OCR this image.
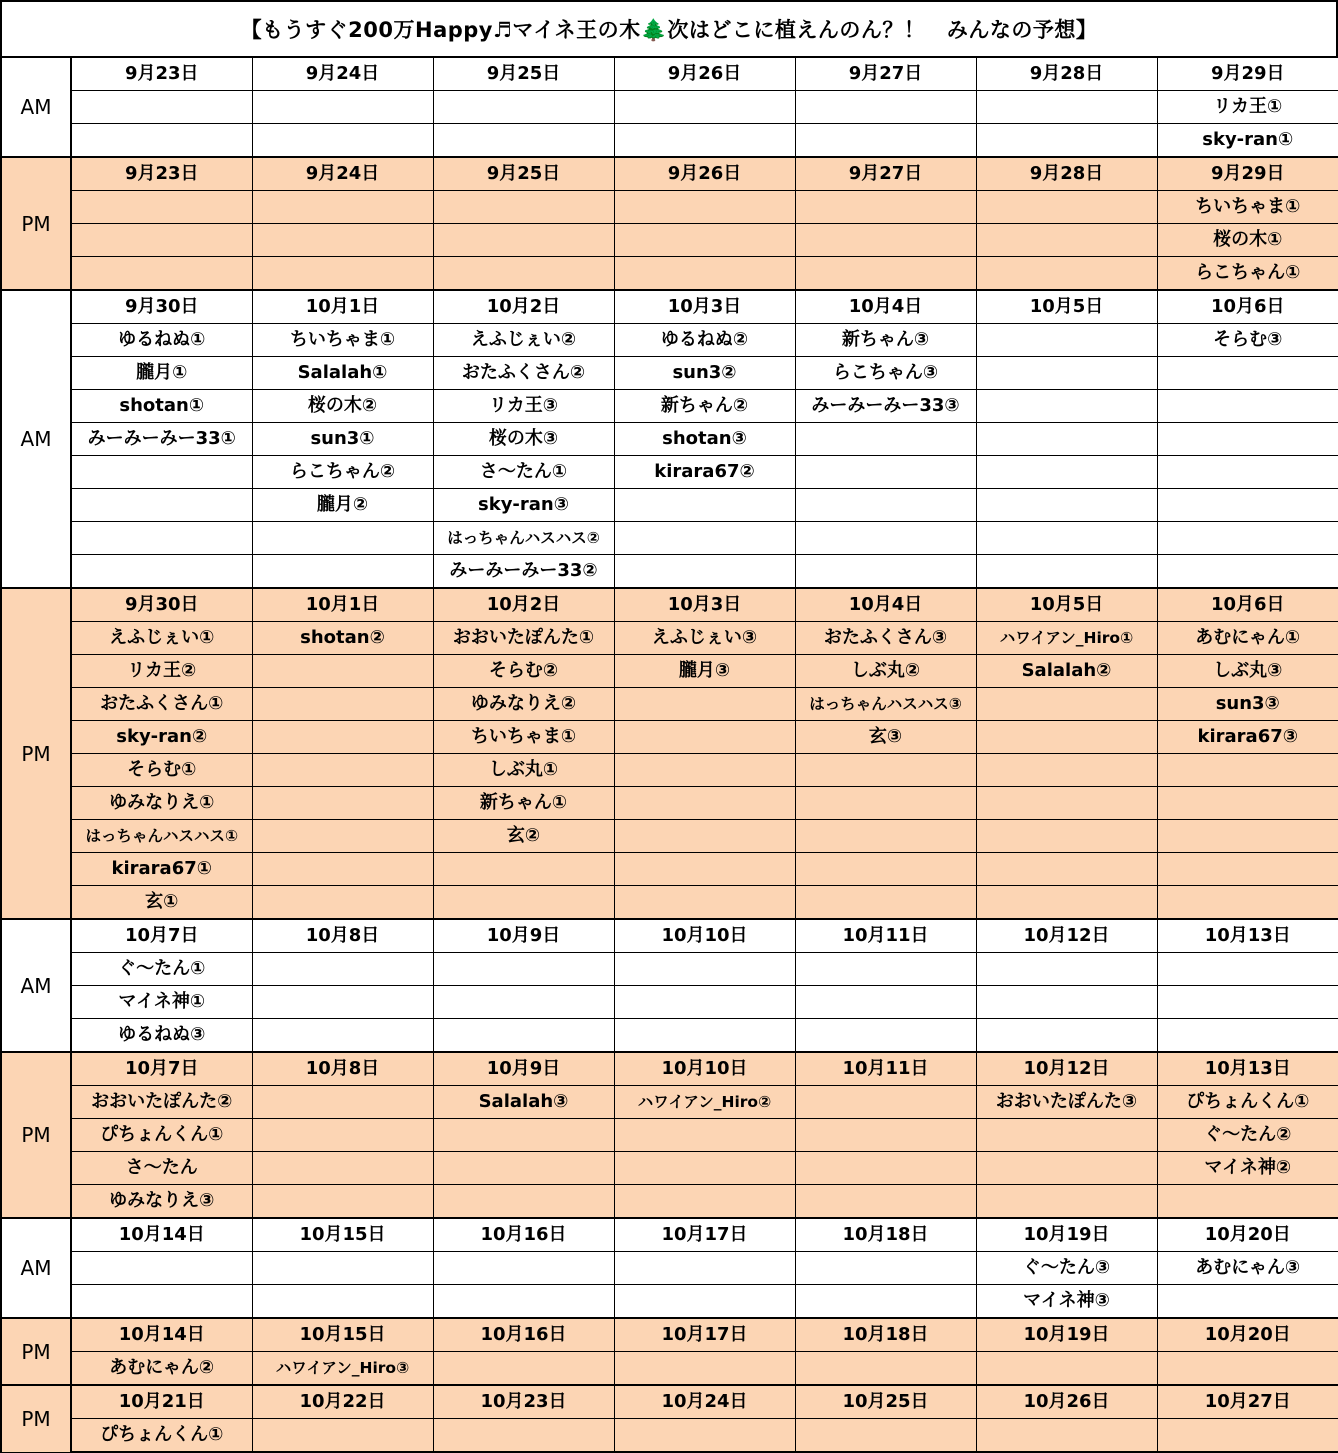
【もうすぐ200万Happy♬マイネ王の木🌲次はどこに植えんのん？！　みんなの予想】
AM	9月23日	9月24日	9月25日	9月26日	9月27日	9月28日	9月29日
							リカ王①
							sky-ran①
PM	9月23日	9月24日	9月25日	9月26日	9月27日	9月28日	9月29日
							ちいちゃま①
							桜の木①
							らこちゃん①
AM	9月30日	10月1日	10月2日	10月3日	10月4日	10月5日	10月6日
	ゆるねぬ①	ちいちゃま①	えふじぇい②	ゆるねぬ②	新ちゃん③		そらむ③
	朧月①	Salalah①	おたふくさん②	sun3②	らこちゃん③		
	shotan①	桜の木②	リカ王③	新ちゃん②	みーみーみー33③		
	みーみーみー33①	sun3①	桜の木③	shotan③			
		らこちゃん②	さ～たん①	kirara67②			
		朧月②	sky-ran③				
			はっちゃんハスハス②				
			みーみーみー33②				
PM	9月30日	10月1日	10月2日	10月3日	10月4日	10月5日	10月6日
	えふじぇい①	shotan②	おおいたぽんた①	えふじぇい③	おたふくさん③	ハワイアン_Hiro①	あむにゃん①
	リカ王②		そらむ②	朧月③	しぶ丸②	Salalah②	しぶ丸③
	おたふくさん①		ゆみなりえ②		はっちゃんハスハス③		sun3③
	sky-ran②		ちいちゃま①		玄③		kirara67③
	そらむ①		しぶ丸①				
	ゆみなりえ①		新ちゃん①				
	はっちゃんハスハス①		玄②				
	kirara67①						
	玄①						
AM	10月7日	10月8日	10月9日	10月10日	10月11日	10月12日	10月13日
	ぐ～たん①						
	マイネ神①						
	ゆるねぬ③						
PM	10月7日	10月8日	10月9日	10月10日	10月11日	10月12日	10月13日
	おおいたぽんた②		Salalah③	ハワイアン_Hiro②		おおいたぽんた③	ぴちょんくん①
	ぴちょんくん①						ぐ～たん②
	さ～たん						マイネ神②
	ゆみなりえ③						
AM	10月14日	10月15日	10月16日	10月17日	10月18日	10月19日	10月20日
						ぐ～たん③	あむにゃん③
						マイネ神③	
PM	10月14日	10月15日	10月16日	10月17日	10月18日	10月19日	10月20日
	あむにゃん②	ハワイアン_Hiro③					
PM	10月21日	10月22日	10月23日	10月24日	10月25日	10月26日	10月27日
	ぴちょんくん①						
